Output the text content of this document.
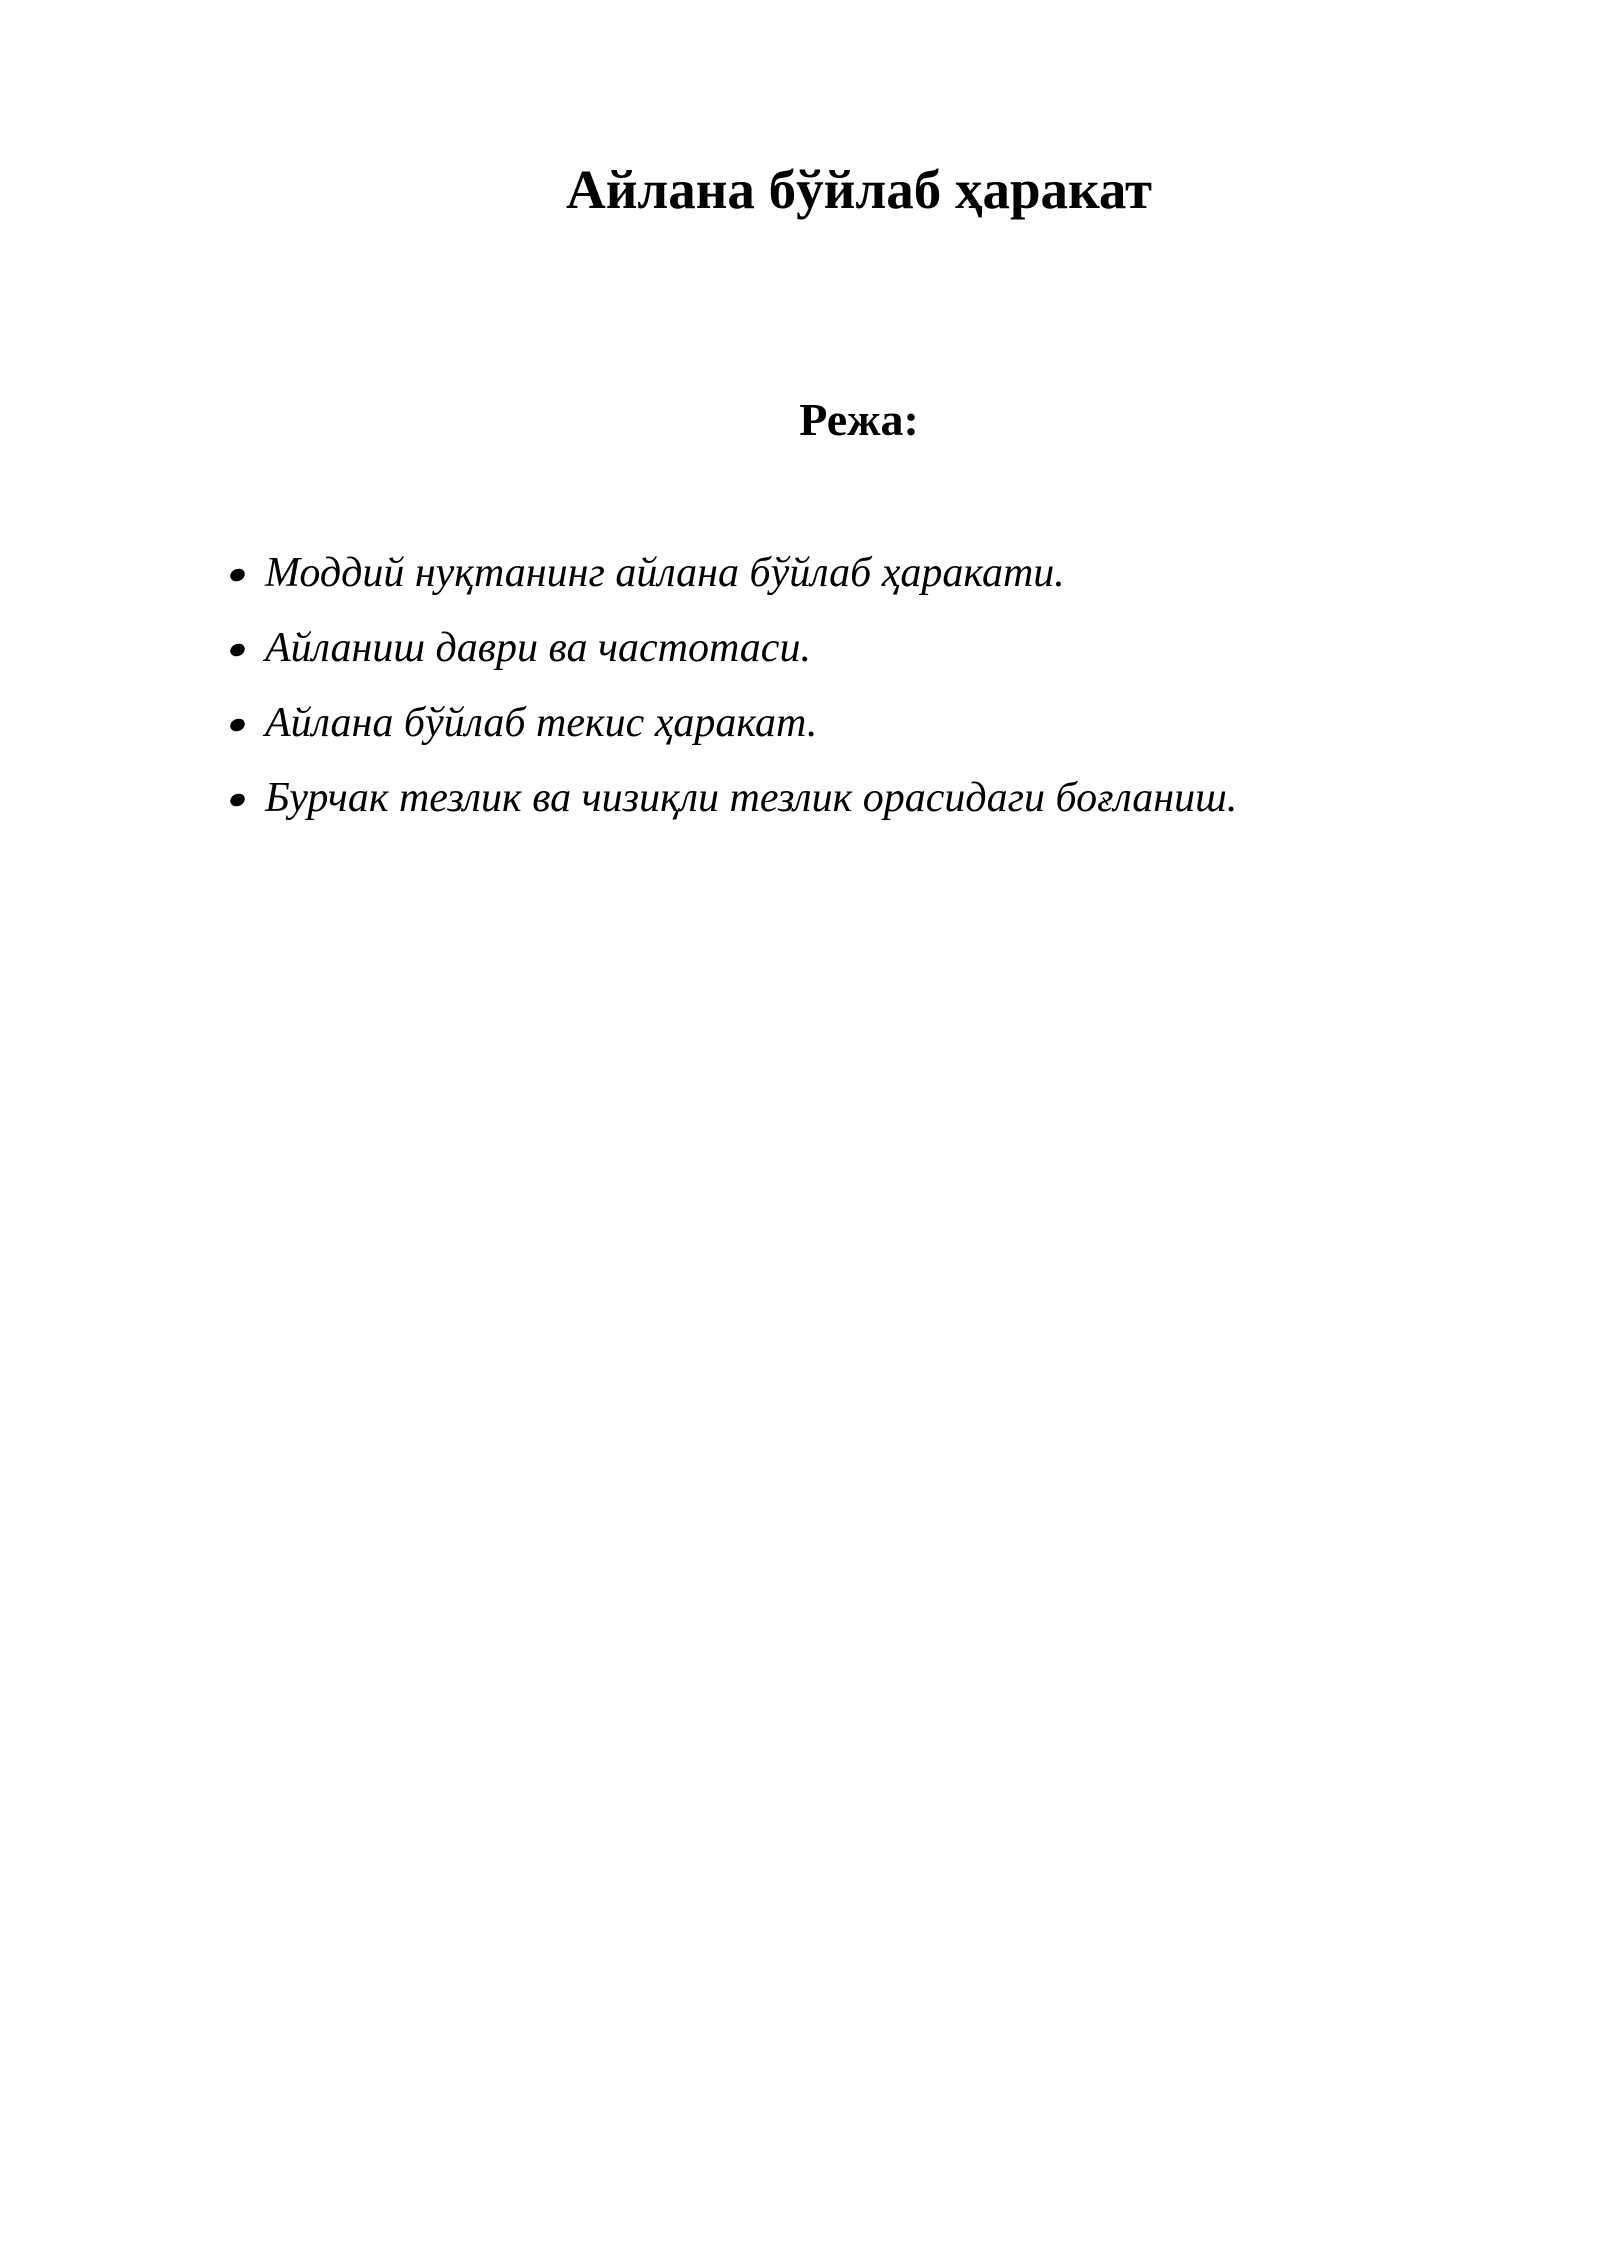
Айлана бўйлаб ҳаракат
Режа:
Моддий нуқтанинг айлана бўйлаб ҳаракати.
Айланиш даври ва частотаси.
Айлана бўйлаб текис ҳаракат.
Бурчак тезлик ва чизиқли тезлик орасидаги боғланиш.
